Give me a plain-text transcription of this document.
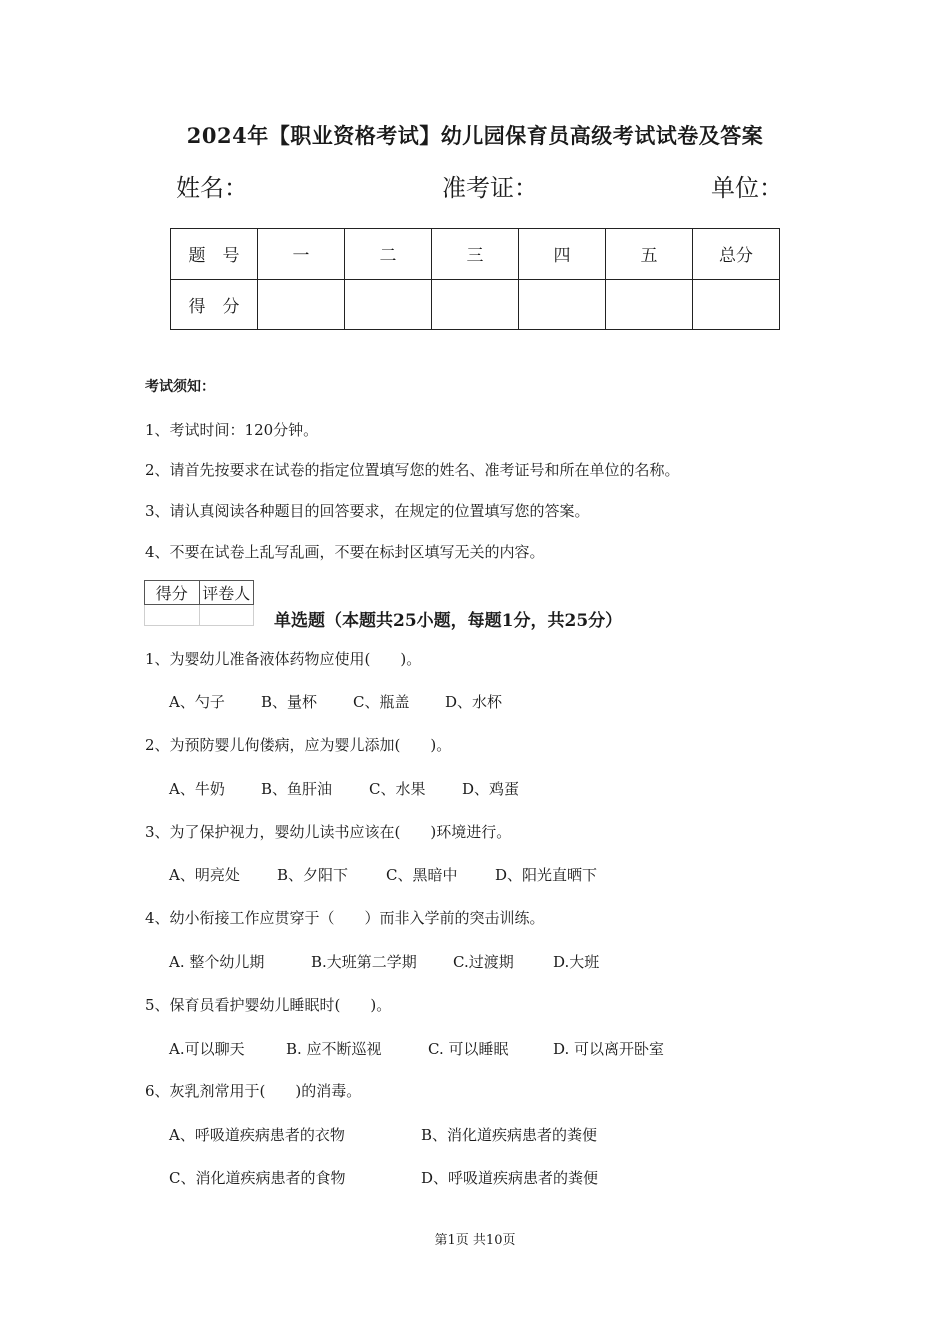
2024年【职业资格考试】幼儿园保育员高级考试试卷及答案
姓名：	准考证：	单位：
题　号	一	二	三	四	五	总分
得　分						
考试须知：
1、考试时间：120分钟。
2、请首先按要求在试卷的指定位置填写您的姓名、准考证号和所在单位的名称。
3、请认真阅读各种题目的回答要求，在规定的位置填写您的答案。
4、不要在试卷上乱写乱画，不要在标封区填写无关的内容。
得分	评卷人

单选题（本题共25小题，每题1分，共25分）
1、为婴幼儿准备液体药物应使用(　　)。
A、勺子 B、量杯 C、瓶盖 D、水杯
2、为预防婴儿佝偻病，应为婴儿添加(　　)。
A、牛奶 B、鱼肝油 C、水果 D、鸡蛋
3、为了保护视力，婴幼儿读书应该在(　　)环境进行。
A、明亮处 B、夕阳下	C、黑暗中	D、阳光直晒下
4、幼小衔接工作应贯穿于（　　）而非入学前的突击训练。
A. 整个幼儿期	B.大班第二学期 C.过渡期	D.大班
5、保育员看护婴幼儿睡眠时(　　)。
A.可以聊天	B. 应不断巡视	C. 可以睡眠	D. 可以离开卧室
6、灰乳剂常用于(　　)的消毒。
A、呼吸道疾病患者的衣物	B、消化道疾病患者的粪便
C、消化道疾病患者的食物	D、呼吸道疾病患者的粪便
第1页 共10页
